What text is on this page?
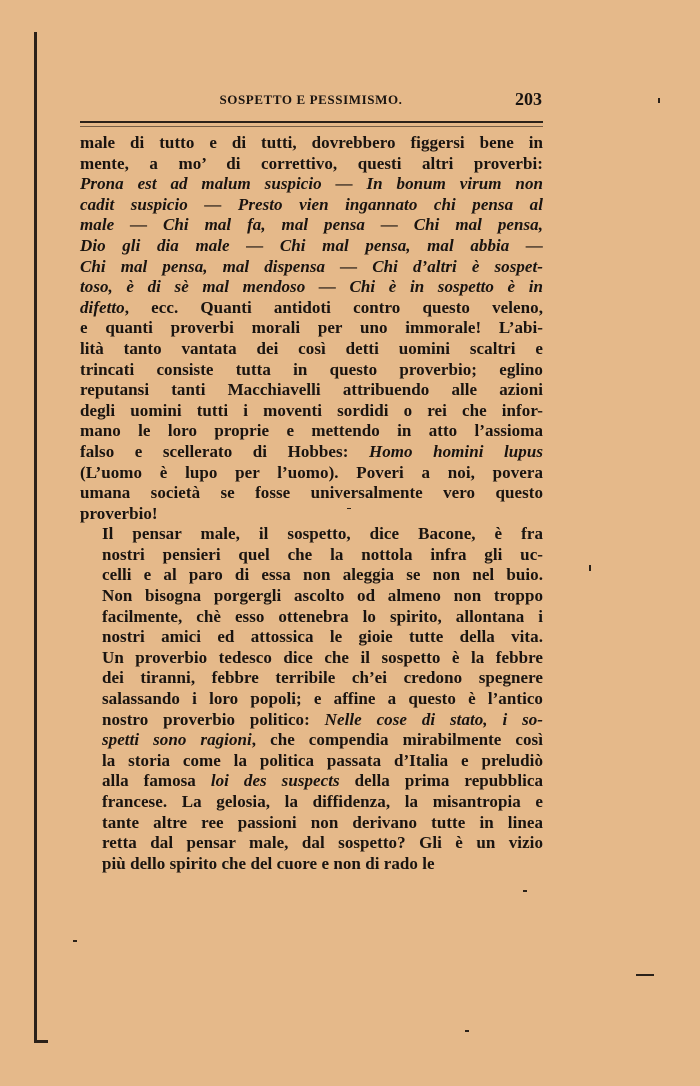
SOSPETTO E PESSIMISMO.	203

male di tutto e di tutti, dovrebbero figgersi bene in
mente, a mo’ di correttivo, questi altri proverbi:
Prona est ad malum suspicio — In bonum virum non
cadit suspicio — Presto vien ingannato chi pensa al
male — Chi mal fa, mal pensa — Chi mal pensa,
Dio gli dia male — Chi mal pensa, mal abbia —
Chi mal pensa, mal dispensa — Chi d’altri è sospet-
toso, è di sè mal mendoso — Chi è in sospetto è in
difetto, ecc. Quanti antidoti contro questo veleno,
e quanti proverbi morali per uno immorale! L’abi-
lità tanto vantata dei così detti uomini scaltri e
trincati consiste tutta in questo proverbio; eglino
reputansi tanti Macchiavelli attribuendo alle azioni
degli uomini tutti i moventi sordidi o rei che infor-
mano le loro proprie e mettendo in atto l’assioma
falso e scellerato di Hobbes: Homo homini lupus
(L’uomo è lupo per l’uomo). Poveri a noi, povera
umana società se fosse universalmente vero questo
proverbio!

Il pensar male, il sospetto, dice Bacone, è fra
nostri pensieri quel che la nottola infra gli uc-
celli e al paro di essa non aleggia se non nel buio.
Non bisogna porgergli ascolto od almeno non troppo
facilmente, chè esso ottenebra lo spirito, allontana i
nostri amici ed attossica le gioie tutte della vita.
Un proverbio tedesco dice che il sospetto è la febbre
dei tiranni, febbre terribile ch’ei credono spegnere
salassando i loro popoli; e affine a questo è l’antico
nostro proverbio politico: Nelle cose di stato, i so-
spetti sono ragioni, che compendia mirabilmente così
la storia come la politica passata d’Italia e preludiò
alla famosa loi des suspects della prima repubblica
francese. La gelosia, la diffidenza, la misantropia e
tante altre ree passioni non derivano tutte in linea
retta dal pensar male, dal sospetto? Gli è un vizio
più dello spirito che del cuore e non di rado le
